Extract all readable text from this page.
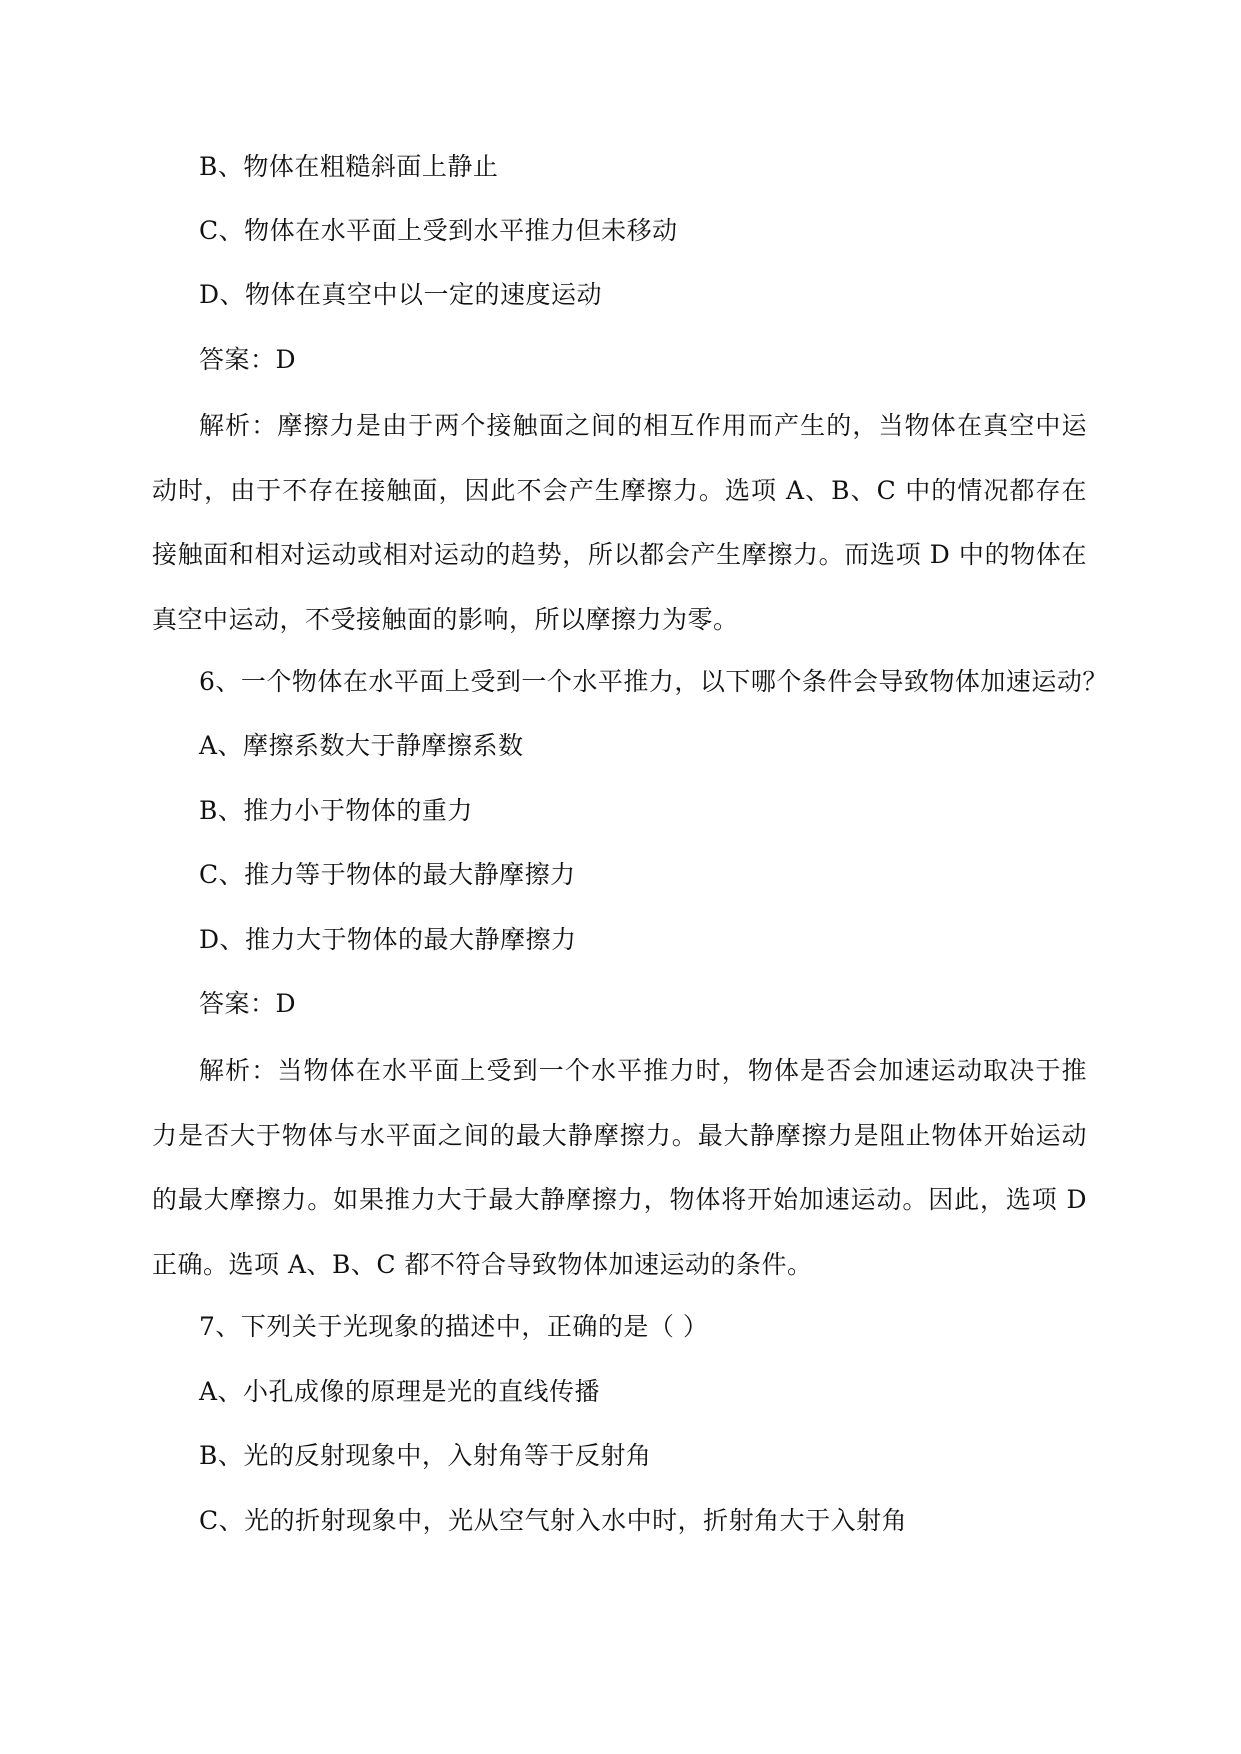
B、物体在粗糙斜面上静止
C、物体在水平面上受到水平推力但未移动
D、物体在真空中以一定的速度运动
答案：D
解析：摩擦力是由于两个接触面之间的相互作用而产生的，当物体在真空中运动时，由于不存在接触面，因此不会产生摩擦力。选项 A、B、C 中的情况都存在接触面和相对运动或相对运动的趋势，所以都会产生摩擦力。而选项 D 中的物体在真空中运动，不受接触面的影响，所以摩擦力为零。
6、一个物体在水平面上受到一个水平推力，以下哪个条件会导致物体加速运动？
A、摩擦系数大于静摩擦系数
B、推力小于物体的重力
C、推力等于物体的最大静摩擦力
D、推力大于物体的最大静摩擦力
答案：D
解析：当物体在水平面上受到一个水平推力时，物体是否会加速运动取决于推力是否大于物体与水平面之间的最大静摩擦力。最大静摩擦力是阻止物体开始运动的最大摩擦力。如果推力大于最大静摩擦力，物体将开始加速运动。因此，选项 D 正确。选项 A、B、C 都不符合导致物体加速运动的条件。
7、下列关于光现象的描述中，正确的是（ ）
A、小孔成像的原理是光的直线传播
B、光的反射现象中，入射角等于反射角
C、光的折射现象中，光从空气射入水中时，折射角大于入射角
